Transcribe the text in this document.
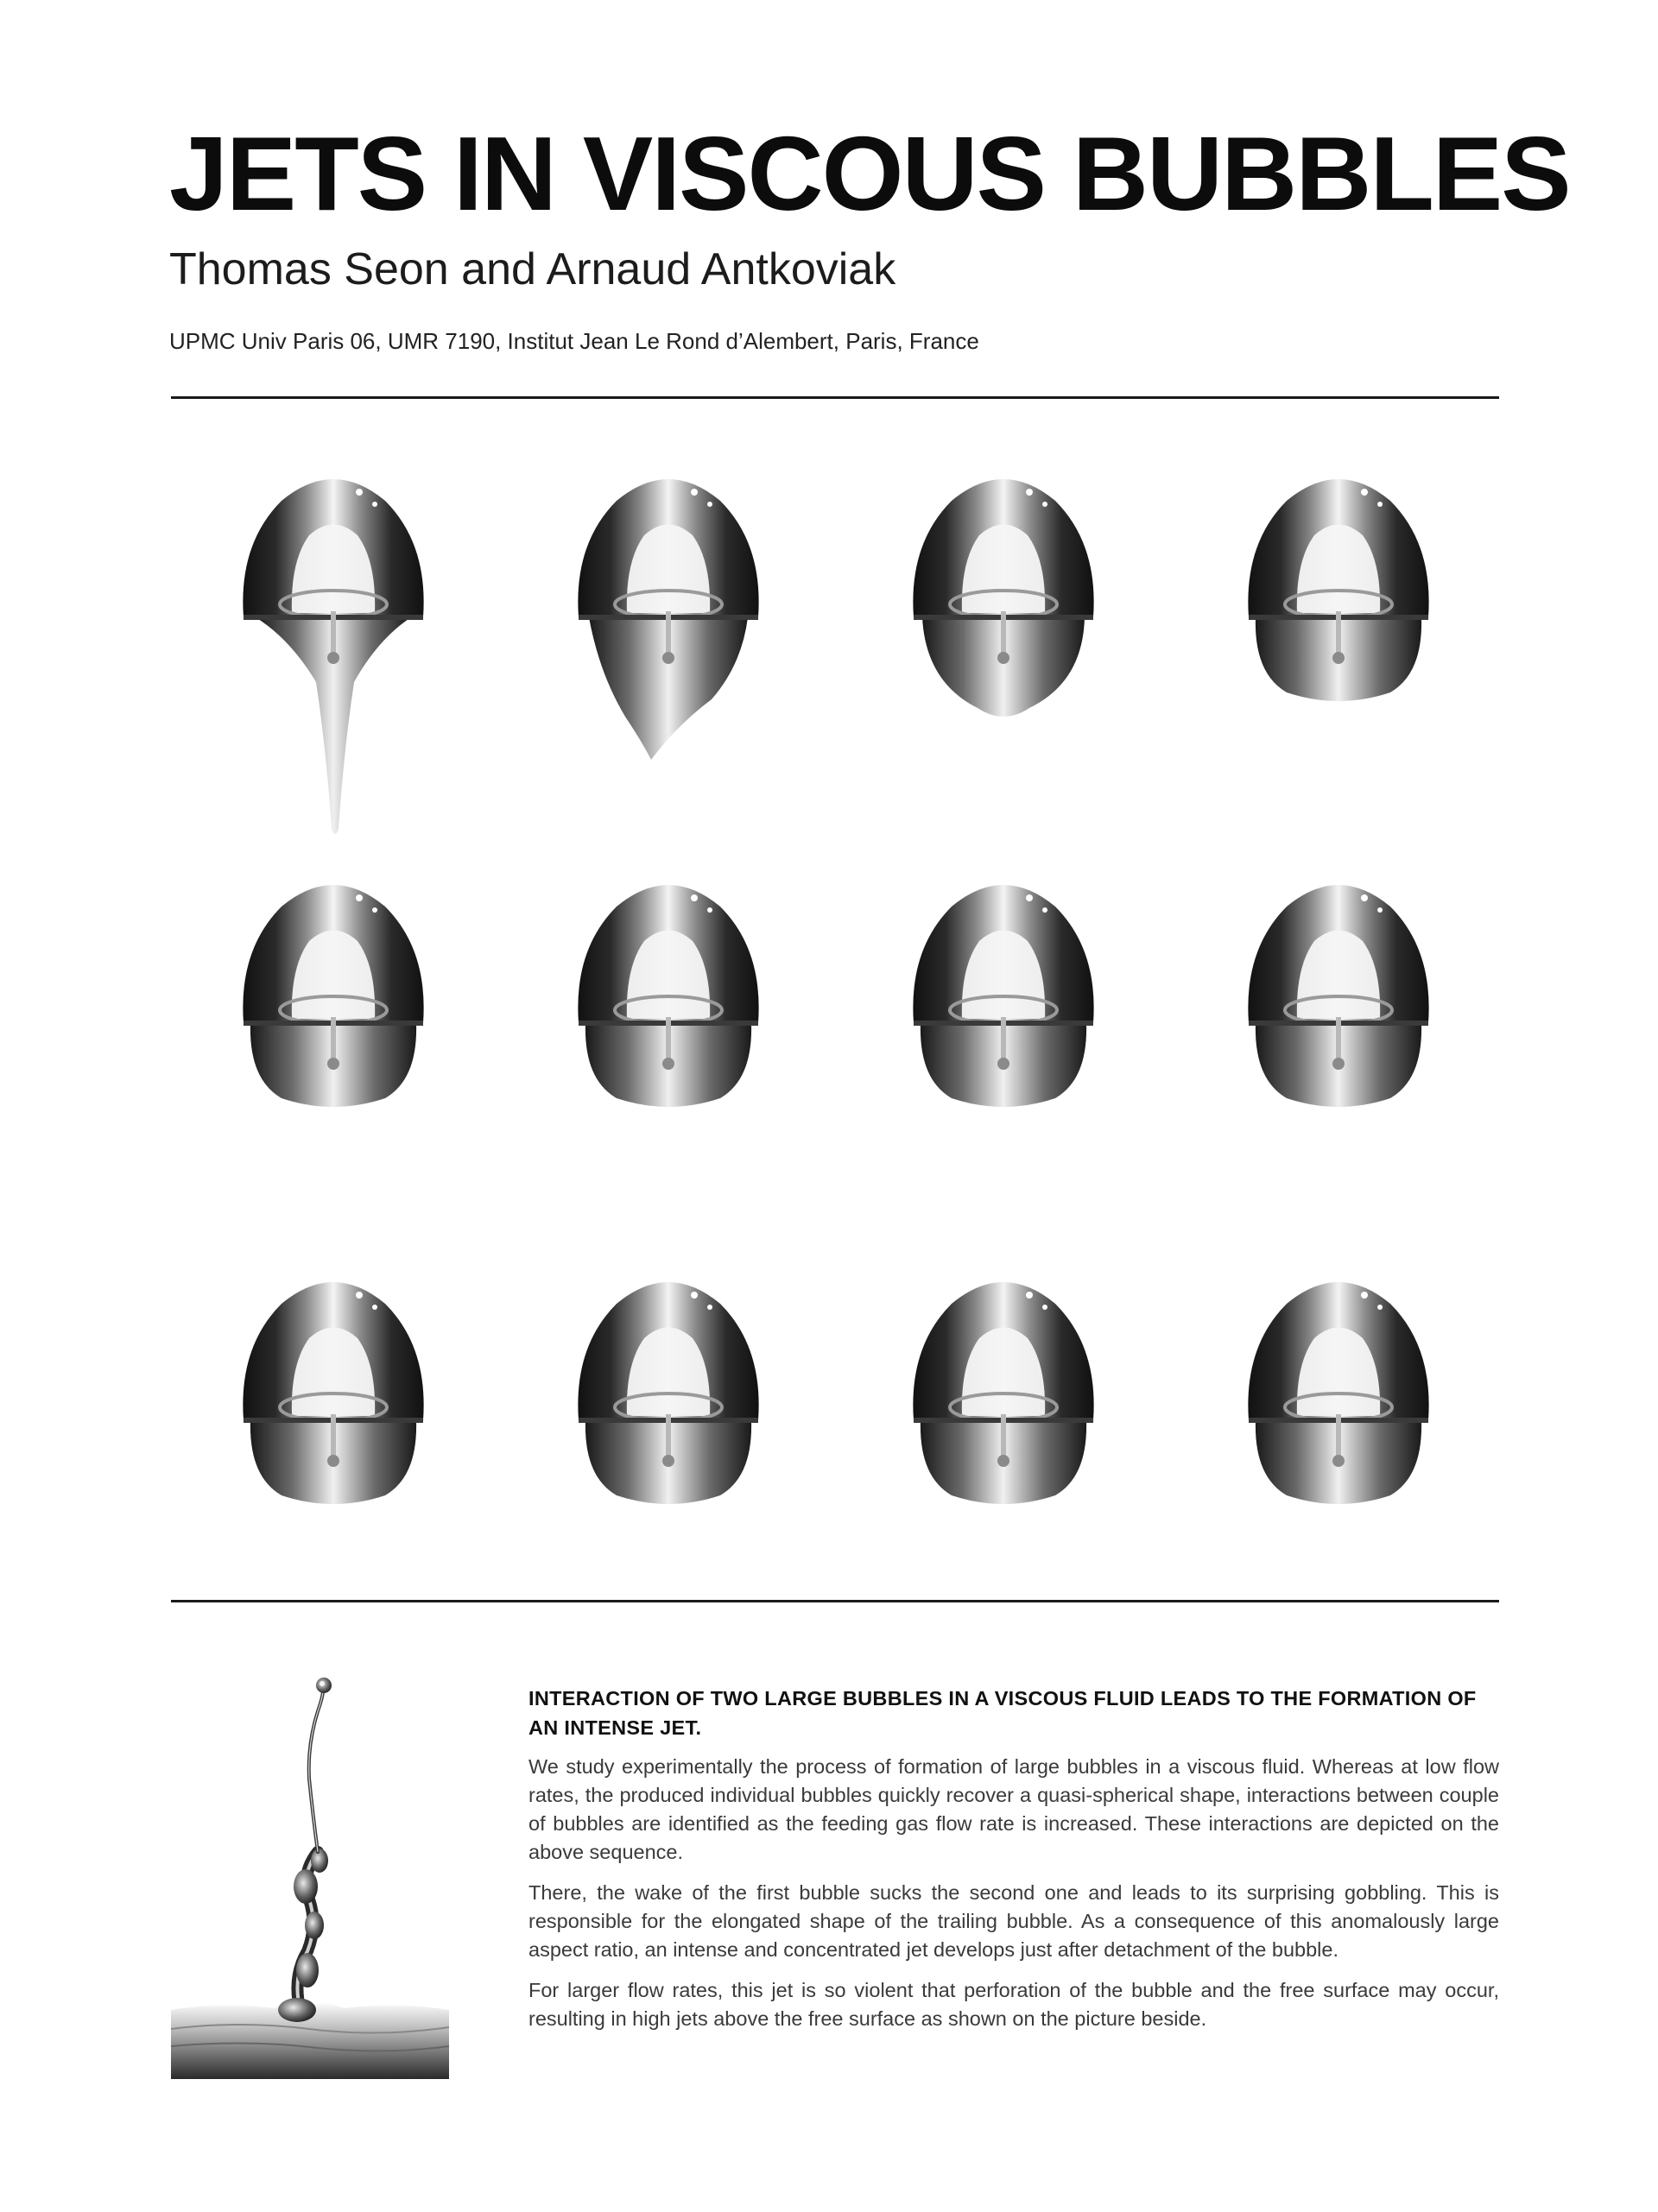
JETS IN VISCOUS BUBBLES
Thomas Seon and Arnaud Antkoviak
UPMC Univ Paris 06, UMR 7190, Institut Jean Le Rond d’Alembert, Paris, France

INTERACTION OF TWO LARGE BUBBLES IN A VISCOUS FLUID LEADS TO THE FORMATION OF AN INTENSE JET.

We study experimentally the process of formation of large bubbles in a viscous fluid. Whereas at low flow rates, the produced individual bubbles quickly recover a quasi-spherical shape, interactions between couple of bubbles are identified as the feeding gas flow rate is increased. These interactions are depicted on the above sequence.

There, the wake of the first bubble sucks the second one and leads to its surprising gobbling. This is responsible for the elongated shape of the trailing bubble. As a consequence of this anomalously large aspect ratio, an intense and concentrated jet develops just after detachment of the bubble.

For larger flow rates, this jet is so violent that perforation of the bubble and the free surface may occur, resulting in high jets above the free surface as shown on the picture beside.
